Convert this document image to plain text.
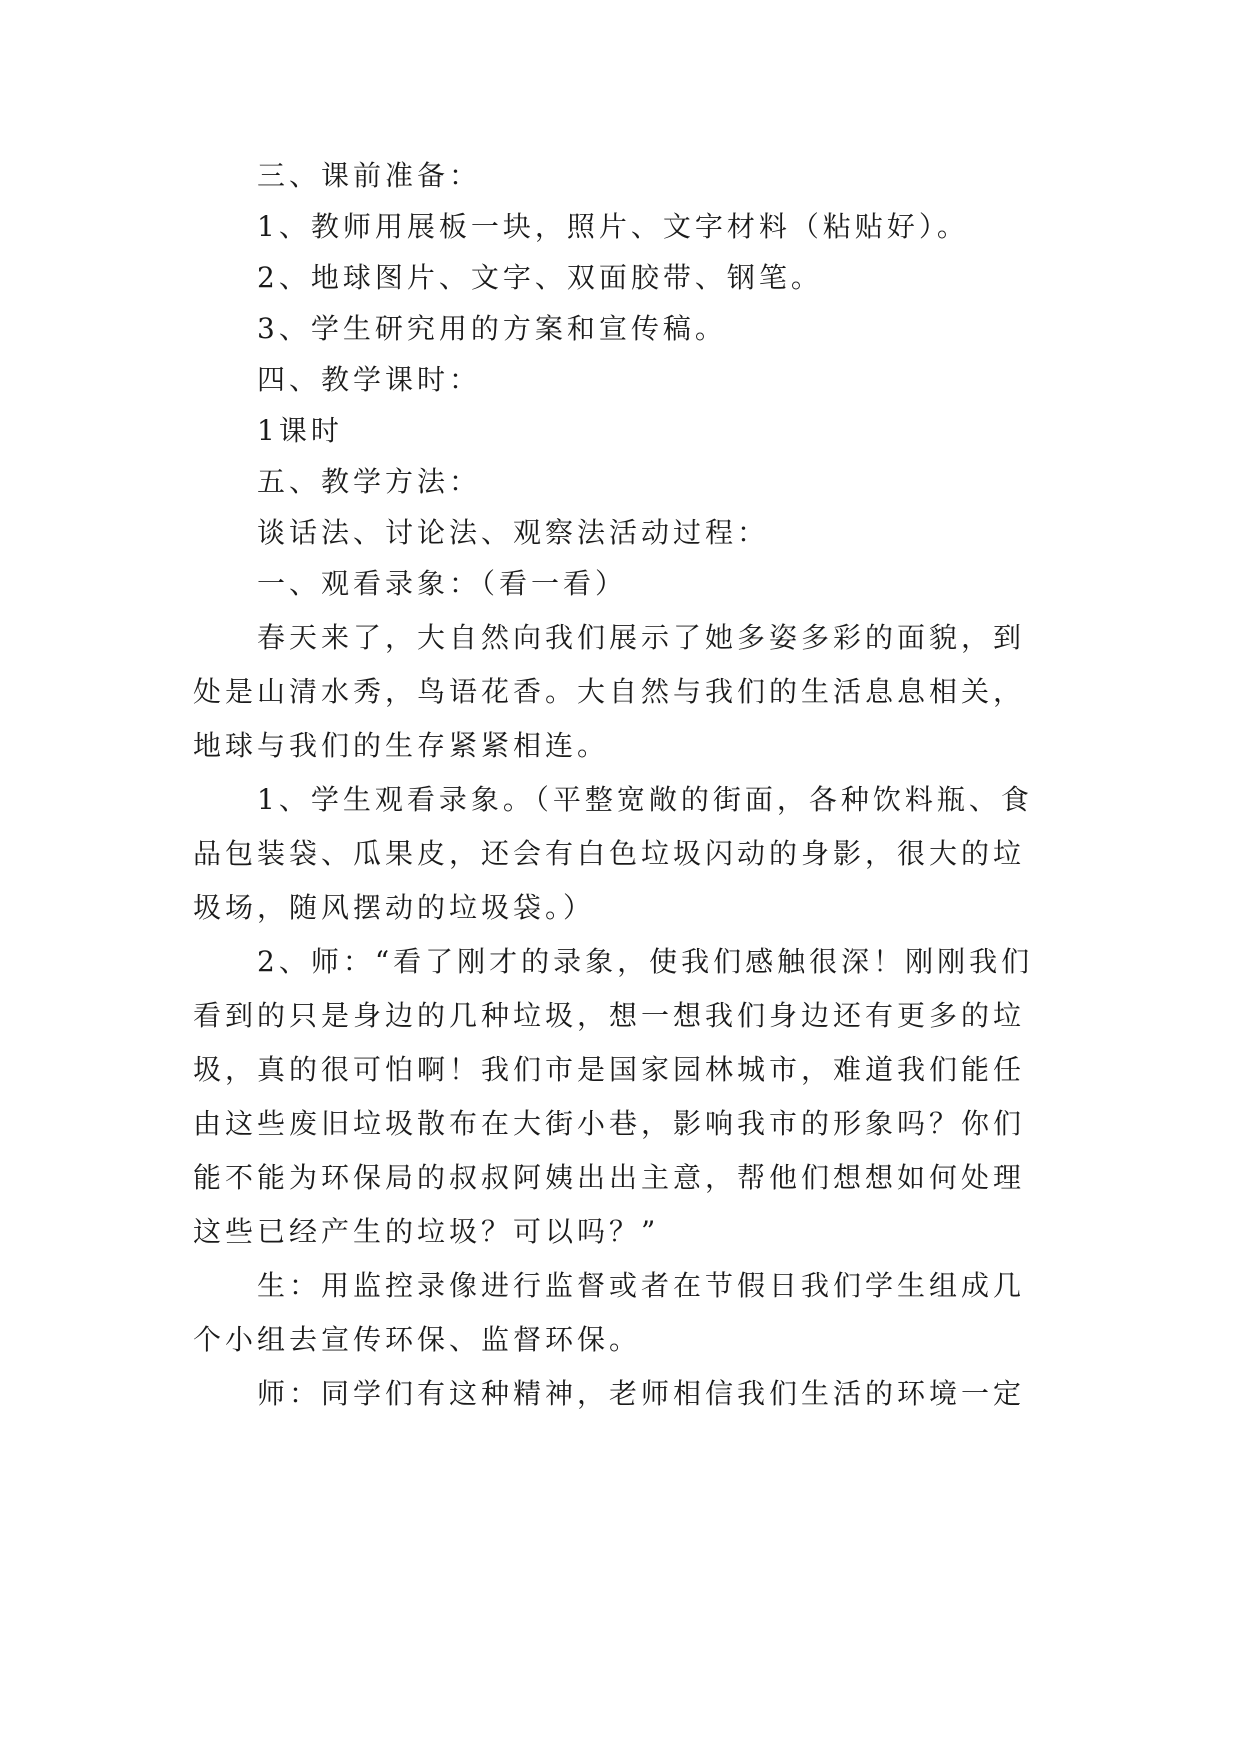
三、课前准备：
1、教师用展板一块，照片、文字材料（粘贴好）。
2、地球图片、文字、双面胶带、钢笔。
3、学生研究用的方案和宣传稿。
四、教学课时：
1课时
五、教学方法：
谈话法、讨论法、观察法活动过程：
一、观看录象：（看一看）
春天来了，大自然向我们展示了她多姿多彩的面貌，到
处是山清水秀，鸟语花香。大自然与我们的生活息息相关，
地球与我们的生存紧紧相连。
1、学生观看录象。（平整宽敞的街面，各种饮料瓶、食
品包装袋、瓜果皮，还会有白色垃圾闪动的身影，很大的垃
圾场，随风摆动的垃圾袋。）
2、师：“看了刚才的录象，使我们感触很深！刚刚我们
看到的只是身边的几种垃圾，想一想我们身边还有更多的垃
圾，真的很可怕啊！我们市是国家园林城市，难道我们能任
由这些废旧垃圾散布在大街小巷，影响我市的形象吗？你们
能不能为环保局的叔叔阿姨出出主意，帮他们想想如何处理
这些已经产生的垃圾？可以吗？”
生：用监控录像进行监督或者在节假日我们学生组成几
个小组去宣传环保、监督环保。
师：同学们有这种精神，老师相信我们生活的环境一定
